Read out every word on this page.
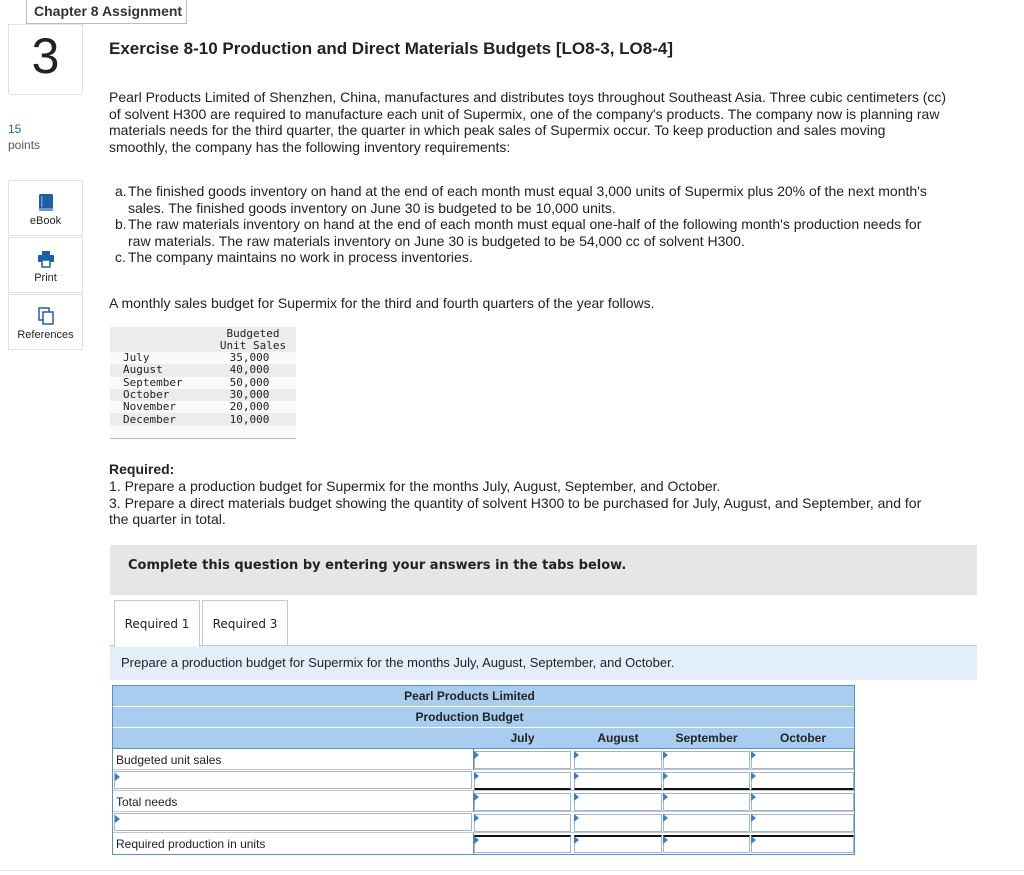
Chapter 8 Assignment
3
15
points
eBook
Print
References
Exercise 8-10 Production and Direct Materials Budgets [LO8-3, LO8-4]
Pearl Products Limited of Shenzhen, China, manufactures and distributes toys throughout Southeast Asia. Three cubic centimeters (cc)
of solvent H300 are required to manufacture each unit of Supermix, one of the company's products. The company now is planning raw
materials needs for the third quarter, the quarter in which peak sales of Supermix occur. To keep production and sales moving
smoothly, the company has the following inventory requirements:
a. The finished goods inventory on hand at the end of each month must equal 3,000 units of Supermix plus 20% of the next month's
sales. The finished goods inventory on June 30 is budgeted to be 10,000 units.
b. The raw materials inventory on hand at the end of each month must equal one-half of the following month's production needs for
raw materials. The raw materials inventory on June 30 is budgeted to be 54,000 cc of solvent H300.
c. The company maintains no work in process inventories.
A monthly sales budget for Supermix for the third and fourth quarters of the year follows.
Budgeted
Unit Sales
July	35,000
August	40,000
September	50,000
October	30,000
November	20,000
December	10,000
Required:
1. Prepare a production budget for Supermix for the months July, August, September, and October.
3. Prepare a direct materials budget showing the quantity of solvent H300 to be purchased for July, August, and September, and for
the quarter in total.
Complete this question by entering your answers in the tabs below.
Required 1	Required 3
Prepare a production budget for Supermix for the months July, August, September, and October.
Pearl Products Limited
Production Budget
July	August	September	October
Budgeted unit sales
Total needs
Required production in units
